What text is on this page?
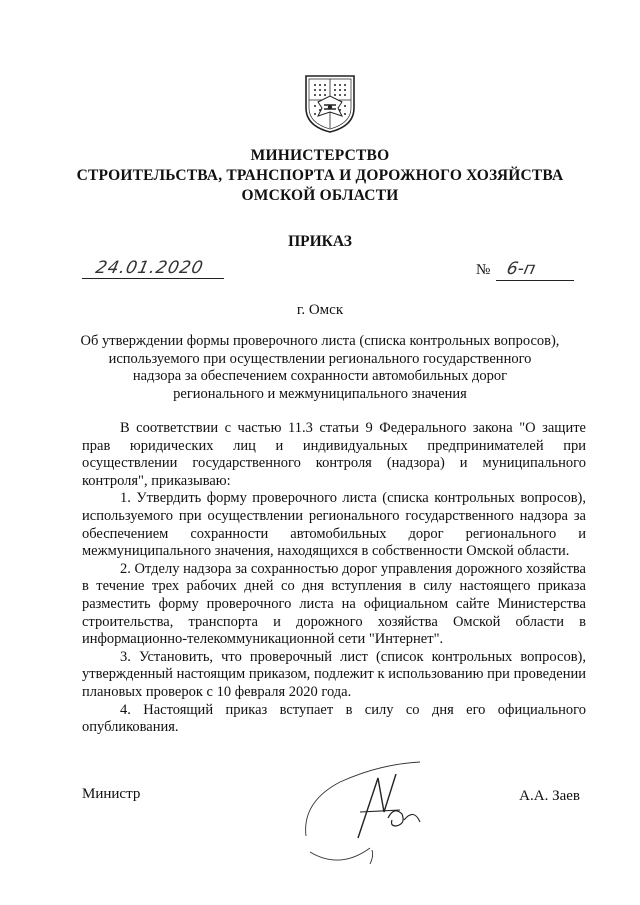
МИНИСТЕРСТВО
СТРОИТЕЛЬСТВА, ТРАНСПОРТА И ДОРОЖНОГО ХОЗЯЙСТВА
ОМСКОЙ ОБЛАСТИ
ПРИКАЗ
24.01.2020	№ 6-п
г. Омск
Об утверждении формы проверочного листа (списка контрольных вопросов),
используемого при осуществлении регионального государственного
надзора за обеспечением сохранности автомобильных дорог
регионального и межмуниципального значения

В соответствии с частью 11.3 статьи 9 Федерального закона "О защите прав юридических лиц и индивидуальных предпринимателей при осуществлении государственного контроля (надзора) и муниципального контроля", приказываю:

1. Утвердить форму проверочного листа (списка контрольных вопросов), используемого при осуществлении регионального государственного надзора за обеспечением сохранности автомобильных дорог регионального и межмуниципального значения, находящихся в собственности Омской области.

2. Отделу надзора за сохранностью дорог управления дорожного хозяйства в течение трех рабочих дней со дня вступления в силу настоящего приказа разместить форму проверочного листа на официальном сайте Министерства строительства, транспорта и дорожного хозяйства Омской области в информационно-телекоммуникационной сети "Интернет".

3. Установить, что проверочный лист (список контрольных вопросов), утвержденный настоящим приказом, подлежит к использованию при проведении плановых проверок с 10 февраля 2020 года.

4. Настоящий приказ вступает в силу со дня его официального опубликования.

Министр	А.А. Заев
